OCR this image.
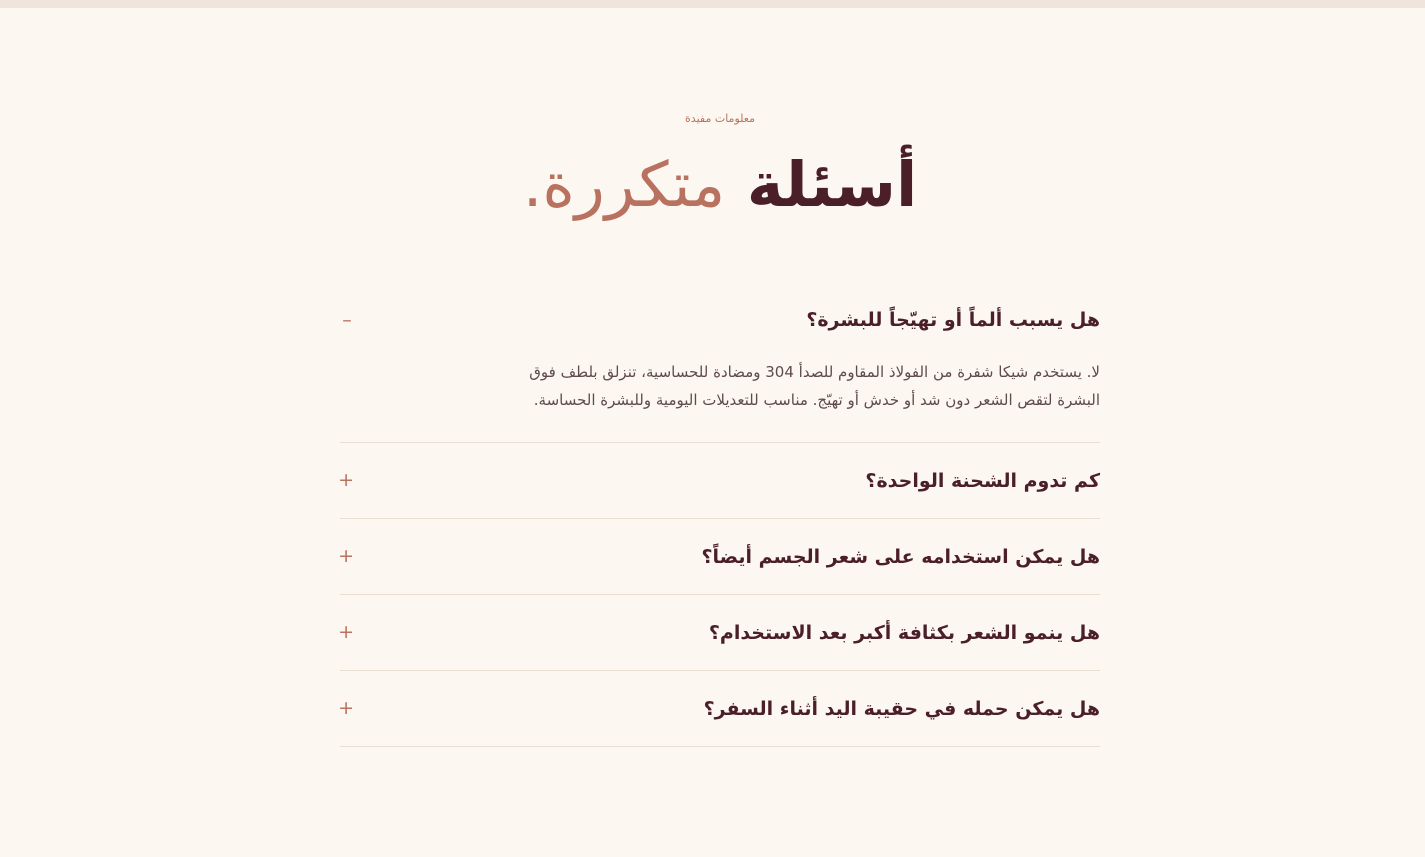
معلومات مفيدة

أسئلة متكررة.
هل يسبب ألماً أو تهيّجاً للبشرة؟
–

لا. يستخدم شيكا شفرة من الفولاذ المقاوم للصدأ 304 ومضادة للحساسية، تنزلق بلطف فوق البشرة لتقص الشعر دون شد أو خدش أو تهيّج. مناسب للتعديلات اليومية وللبشرة الحساسة.

كم تدوم الشحنة الواحدة؟
+
هل يمكن استخدامه على شعر الجسم أيضاً؟
+
هل ينمو الشعر بكثافة أكبر بعد الاستخدام؟
+
هل يمكن حمله في حقيبة اليد أثناء السفر؟
+
